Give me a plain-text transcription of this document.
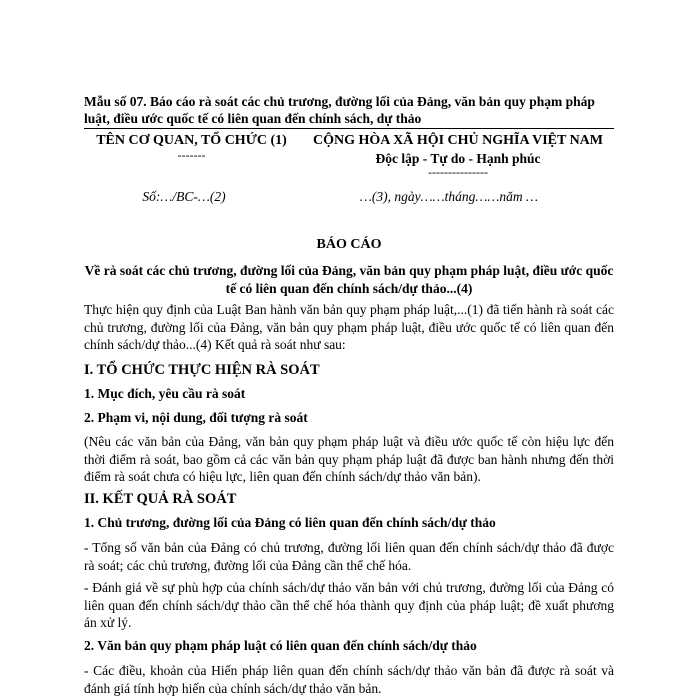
Mẫu số 07. Báo cáo rà soát các chủ trương, đường lối của Đảng, văn bản quy phạm pháp luật, điều ước quốc tế có liên quan đến chính sách, dự thảo
TÊN CƠ QUAN, TỔ CHỨC (1)
-------
CỘNG HÒA XÃ HỘI CHỦ NGHĨA VIỆT NAM
Độc lập - Tự do - Hạnh phúc
---------------
Số:…/BC-…(2)	…(3), ngày……tháng……năm …
BÁO CÁO
Về rà soát các chủ trương, đường lối của Đảng, văn bản quy phạm pháp luật, điều ước quốc tế có liên quan đến chính sách/dự thảo...(4)
Thực hiện quy định của Luật Ban hành văn bản quy phạm pháp luật,...(1) đã tiến hành rà soát các chủ trương, đường lối của Đảng, văn bản quy phạm pháp luật, điều ước quốc tế có liên quan đến chính sách/dự thảo...(4) Kết quả rà soát như sau:
I. TỔ CHỨC THỰC HIỆN RÀ SOÁT
1. Mục đích, yêu cầu rà soát
2. Phạm vi, nội dung, đối tượng rà soát
(Nêu các văn bản của Đảng, văn bản quy phạm pháp luật và điều ước quốc tế còn hiệu lực đến thời điểm rà soát, bao gồm cả các văn bản quy phạm pháp luật đã được ban hành nhưng đến thời điểm rà soát chưa có hiệu lực, liên quan đến chính sách/dự thảo văn bản).
II. KẾT QUẢ RÀ SOÁT
1. Chủ trương, đường lối của Đảng có liên quan đến chính sách/dự thảo
- Tổng số văn bản của Đảng có chủ trương, đường lối liên quan đến chính sách/dự thảo đã được rà soát; các chủ trương, đường lối của Đảng cần thể chế hóa.
- Đánh giá về sự phù hợp của chính sách/dự thảo văn bản với chủ trương, đường lối của Đảng có liên quan đến chính sách/dự thảo cần thể chế hóa thành quy định của pháp luật; đề xuất phương án xử lý.
2. Văn bản quy phạm pháp luật có liên quan đến chính sách/dự thảo
- Các điều, khoản của Hiến pháp liên quan đến chính sách/dự thảo văn bản đã được rà soát và đánh giá tính hợp hiến của chính sách/dự thảo văn bản.
